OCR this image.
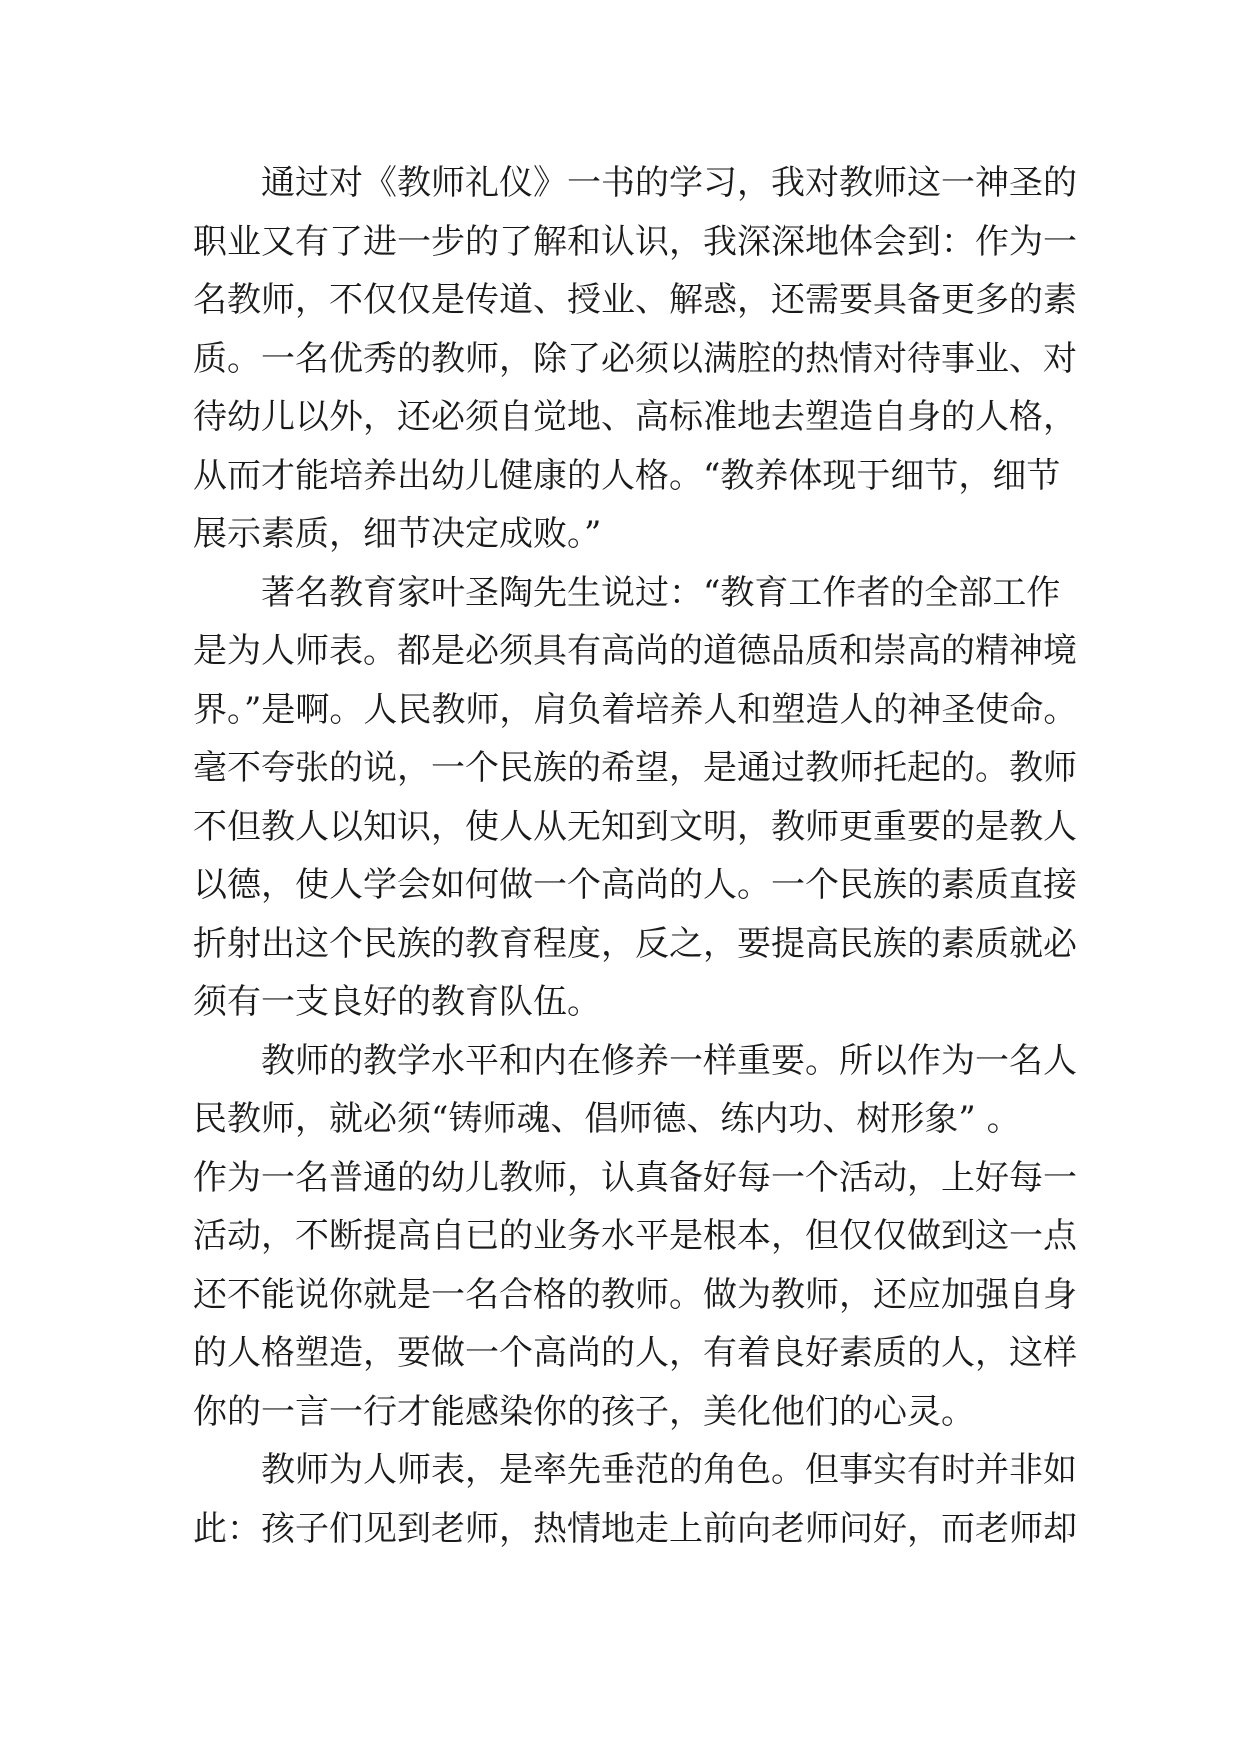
通过对《教师礼仪》一书的学习，我对教师这一神圣的
职业又有了进一步的了解和认识，我深深地体会到：作为一
名教师，不仅仅是传道、授业、解惑，还需要具备更多的素
质。一名优秀的教师，除了必须以满腔的热情对待事业、对
待幼儿以外，还必须自觉地、高标准地去塑造自身的人格，
从而才能培养出幼儿健康的人格。“教养体现于细节，细节
展示素质，细节决定成败。”
著名教育家叶圣陶先生说过：“教育工作者的全部工作
是为人师表。都是必须具有高尚的道德品质和崇高的精神境
界。”是啊。人民教师，肩负着培养人和塑造人的神圣使命。
毫不夸张的说，一个民族的希望，是通过教师托起的。教师
不但教人以知识，使人从无知到文明，教师更重要的是教人
以德，使人学会如何做一个高尚的人。一个民族的素质直接
折射出这个民族的教育程度，反之，要提高民族的素质就必
须有一支良好的教育队伍。
教师的教学水平和内在修养一样重要。所以作为一名人
民教师，就必须“铸师魂、倡师德、练内功、树形象” 。
作为一名普通的幼儿教师，认真备好每一个活动，上好每一
活动，不断提高自已的业务水平是根本，但仅仅做到这一点
还不能说你就是一名合格的教师。做为教师，还应加强自身
的人格塑造，要做一个高尚的人，有着良好素质的人，这样
你的一言一行才能感染你的孩子，美化他们的心灵。
教师为人师表，是率先垂范的角色。但事实有时并非如
此：孩子们见到老师，热情地走上前向老师问好，而老师却
